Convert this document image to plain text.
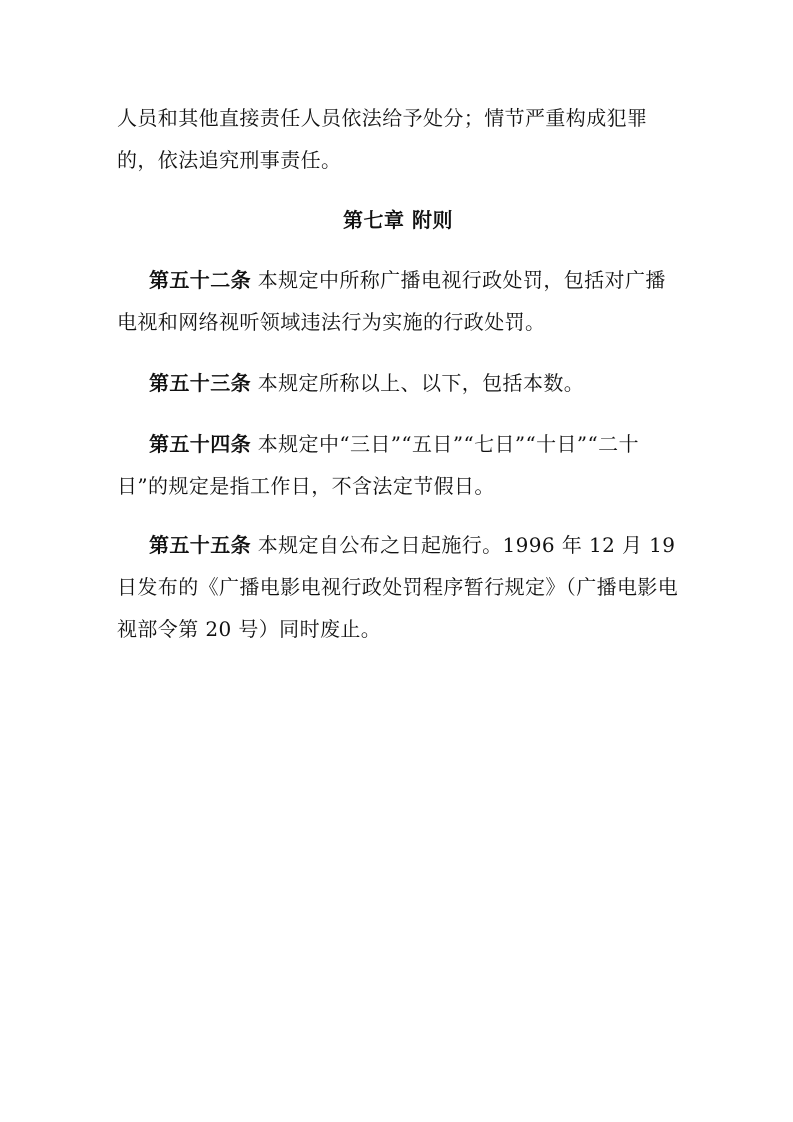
人员和其他直接责任人员依法给予处分；情节严重构成犯罪的，依法追究刑事责任。

第七章 附则

第五十二条 本规定中所称广播电视行政处罚，包括对广播电视和网络视听领域违法行为实施的行政处罚。

第五十三条 本规定所称以上、以下，包括本数。

第五十四条 本规定中“三日”“五日”“七日”“十日”“二十日”的规定是指工作日，不含法定节假日。

第五十五条 本规定自公布之日起施行。1996 年 12 月 19 日发布的《广播电影电视行政处罚程序暂行规定》（广播电影电视部令第 20 号）同时废止。
